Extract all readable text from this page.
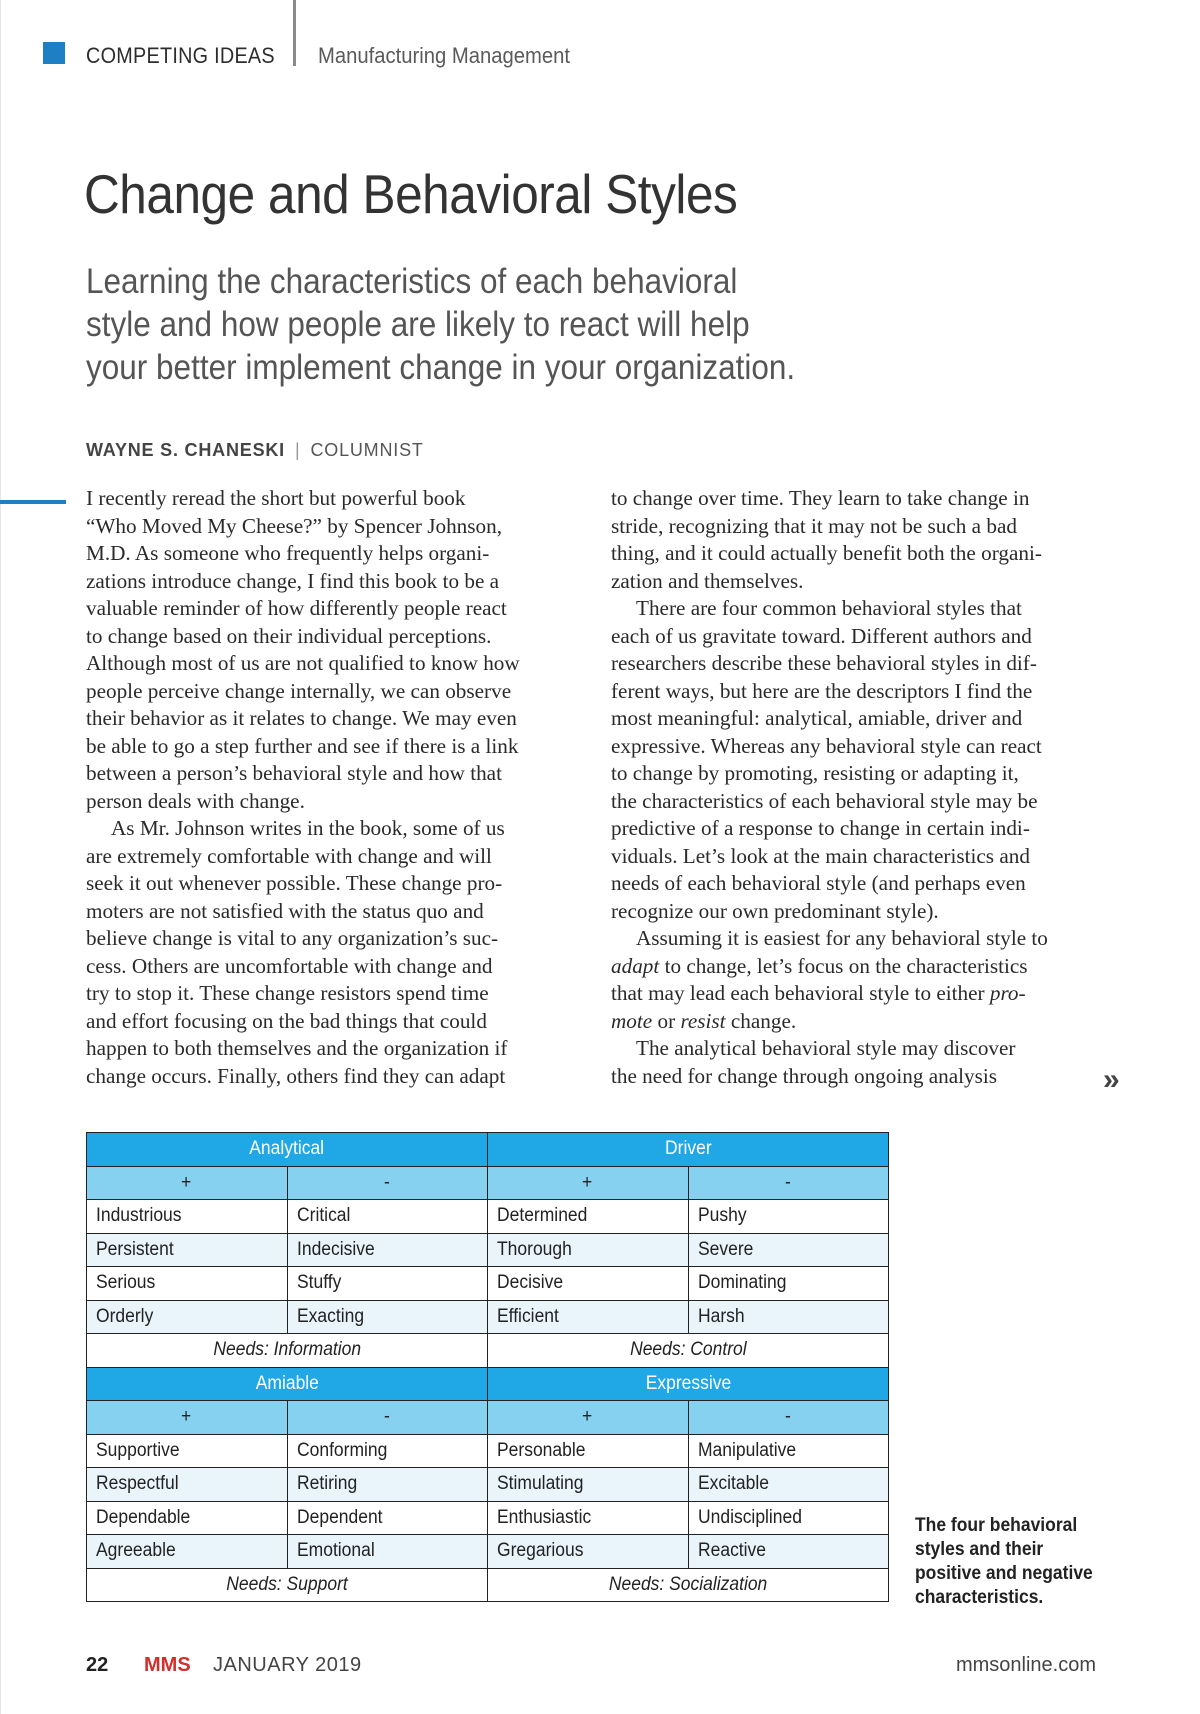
COMPETING IDEAS Manufacturing Management
Change and Behavioral Styles
Learning the characteristics of each behavioral
style and how people are likely to react will help
your better implement change in your organization.
WAYNE S. CHANESKI | COLUMNIST
I recently reread the short but powerful book
“Who Moved My Cheese?” by Spencer Johnson,
M.D. As someone who frequently helps organi-
zations introduce change, I find this book to be a
valuable reminder of how differently people react
to change based on their individual perceptions.
Although most of us are not qualified to know how
people perceive change internally, we can observe
their behavior as it relates to change. We may even
be able to go a step further and see if there is a link
between a person’s behavioral style and how that
person deals with change.
As Mr. Johnson writes in the book, some of us
are extremely comfortable with change and will
seek it out whenever possible. These change pro-
moters are not satisfied with the status quo and
believe change is vital to any organization’s suc-
cess. Others are uncomfortable with change and
try to stop it. These change resistors spend time
and effort focusing on the bad things that could
happen to both themselves and the organization if
change occurs. Finally, others find they can adapt
to change over time. They learn to take change in
stride, recognizing that it may not be such a bad
thing, and it could actually benefit both the organi-
zation and themselves.
There are four common behavioral styles that
each of us gravitate toward. Different authors and
researchers describe these behavioral styles in dif-
ferent ways, but here are the descriptors I find the
most meaningful: analytical, amiable, driver and
expressive. Whereas any behavioral style can react
to change by promoting, resisting or adapting it,
the characteristics of each behavioral style may be
predictive of a response to change in certain indi-
viduals. Let’s look at the main characteristics and
needs of each behavioral style (and perhaps even
recognize our own predominant style).
Assuming it is easiest for any behavioral style to
adapt to change, let’s focus on the characteristics
that may lead each behavioral style to either pro-
mote or resist change.
The analytical behavioral style may discover
the need for change through ongoing analysis	»
Analytical		Driver	
+	-	+	-
Industrious	Critical	Determined	Pushy
Persistent	Indecisive	Thorough	Severe
Serious	Stuffy	Decisive	Dominating
Orderly	Exacting	Efficient	Harsh
Needs: Information		Needs: Control	
Amiable		Expressive	
+	-	+	-
Supportive	Conforming	Personable	Manipulative
Respectful	Retiring	Stimulating	Excitable
Dependable	Dependent	Enthusiastic	Undisciplined
Agreeable	Emotional	Gregarious	Reactive
Needs: Support		Needs: Socialization	
The four behavioral
styles and their
positive and negative
characteristics.
22 MMS JANUARY 2019	mmsonline.com
